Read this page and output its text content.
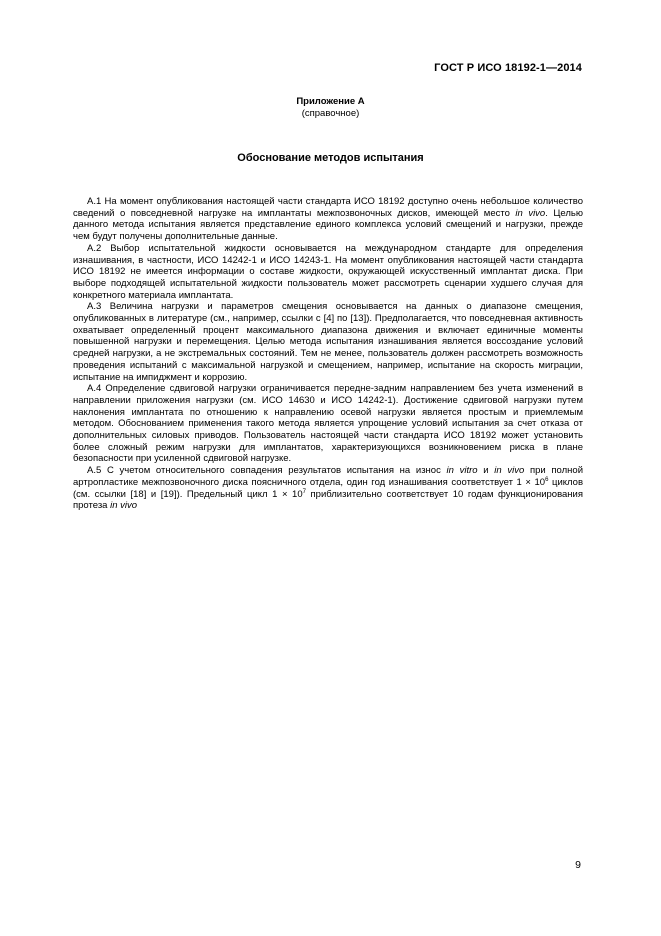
ГОСТ Р ИСО 18192-1—2014
Приложение А
(справочное)
Обоснование методов испытания

А.1 На момент опубликования настоящей части стандарта ИСО 18192 доступно очень небольшое количество сведений о повседневной нагрузке на имплантаты межпозвоночных дисков, имеющей место in vivo. Целью данного метода испытания является представление единого комплекса условий смещений и нагрузки, прежде чем будут получены дополнительные данные.

А.2 Выбор испытательной жидкости основывается на международном стандарте для определения изнашивания, в частности, ИСО 14242-1 и ИСО 14243-1. На момент опубликования настоящей части стандарта ИСО 18192 не имеется информации о составе жидкости, окружающей искусственный имплантат диска. При выборе подходящей испытательной жидкости пользователь может рассмотреть сценарии худшего случая для конкретного материала имплантата.

А.3 Величина нагрузки и параметров смещения основывается на данных о диапазоне смещения, опубликованных в литературе (см., например, ссылки с [4] по [13]). Предполагается, что повседневная активность охватывает определенный процент максимального диапазона движения и включает единичные моменты повышенной нагрузки и перемещения. Целью метода испытания изнашивания является воссоздание условий средней нагрузки, а не экстремальных состояний. Тем не менее, пользователь должен рассмотреть возможность проведения испытаний с максимальной нагрузкой и смещением, например, испытание на скорость миграции, испытание на импиджмент и коррозию.

А.4 Определение сдвиговой нагрузки ограничивается передне-задним направлением без учета изменений в направлении приложения нагрузки (см. ИСО 14630 и ИСО 14242-1). Достижение сдвиговой нагрузки путем наклонения имплантата по отношению к направлению осевой нагрузки является простым и приемлемым методом. Обоснованием применения такого метода является упрощение условий испытания за счет отказа от дополнительных силовых приводов. Пользователь настоящей части стандарта ИСО 18192 может установить более сложный режим нагрузки для имплантатов, характеризующихся возникновением риска в плане безопасности при усиленной сдвиговой нагрузке.

А.5 С учетом относительного совпадения результатов испытания на износ in vitro и in vivo при полной артропластике межпозвоночного диска поясничного отдела, один год изнашивания соответствует $1 \times 10^6$ циклов (см. ссылки [18] и [19]). Предельный цикл $1 \times 10^7$ приблизительно соответствует 10 годам функционирования протеза in vivo

9
